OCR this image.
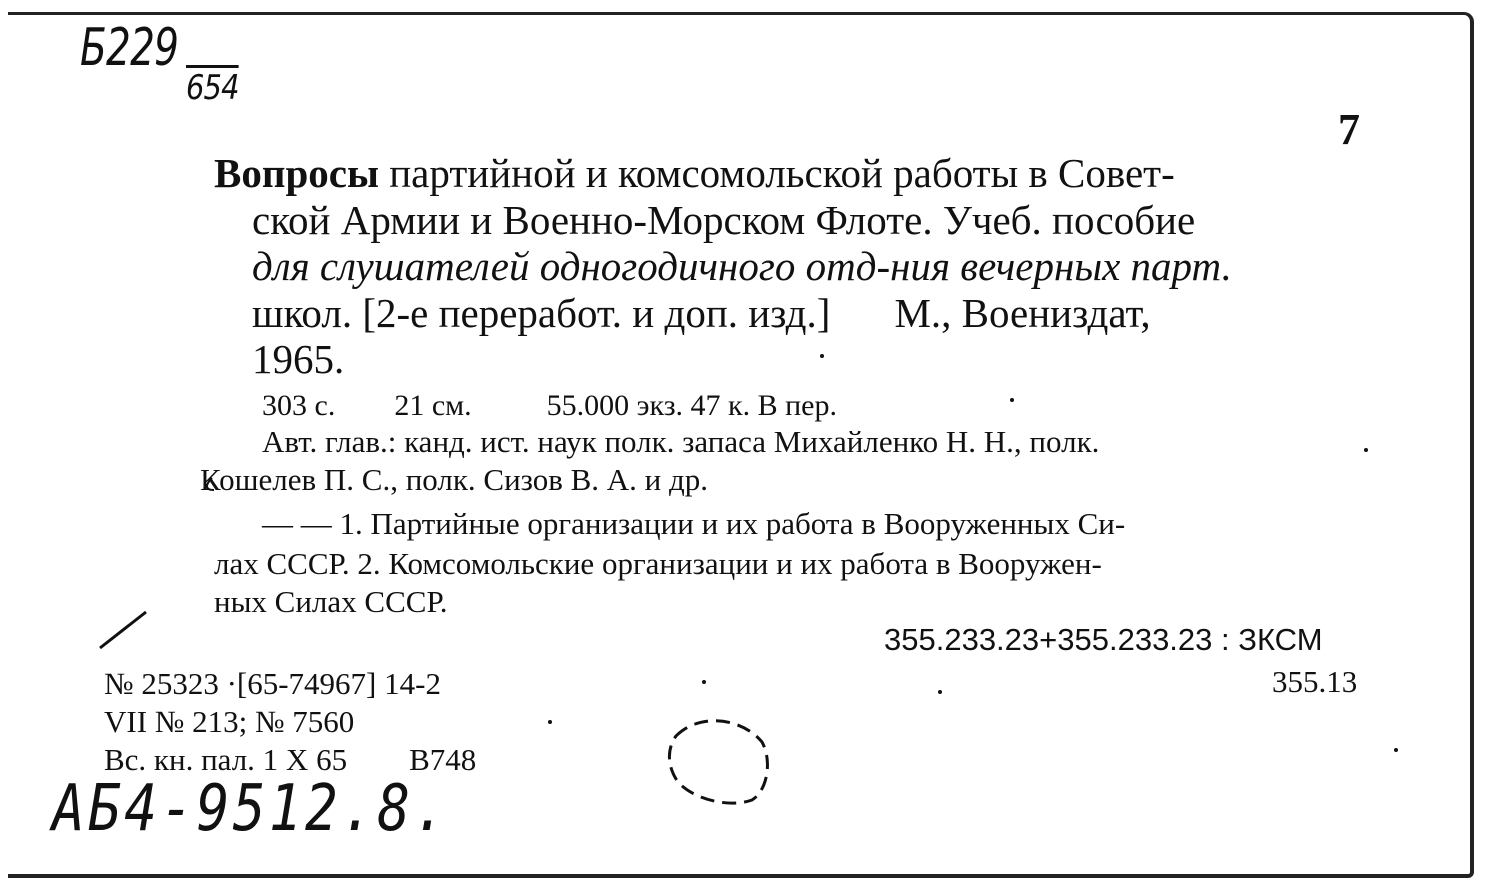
Б229
654
7
Вопросы партийной и комсомольской работы в Совет-
ской Армии и Военно-Морском Флоте. Учеб. пособие
для слушателей одногодичного отд-ния вечерных парт.
школ. [2-е переработ. и доп. изд.] М., Воениздат,
1965.
303 с. 21 см.	55.000 экз. 47 к. В пер.
Авт. глав.: канд. ист. наук полк. запаса Михайленко Н. Н., полк.
Кошелев П. С., полк. Сизов В. А. и др.
— — 1. Партийные организации и их работа в Вооруженных Си-
лах СССР. 2. Комсомольские организации и их работа в Вооружен-
ных Силах СССР.
355.233.23+355.233.23 : ЗКСМ
355.13
№ 25323 ·[65-74967] 14-2
VII № 213; № 7560
Вс. кн. пал. 1 X 65 В748
АБ4-9512.8.
